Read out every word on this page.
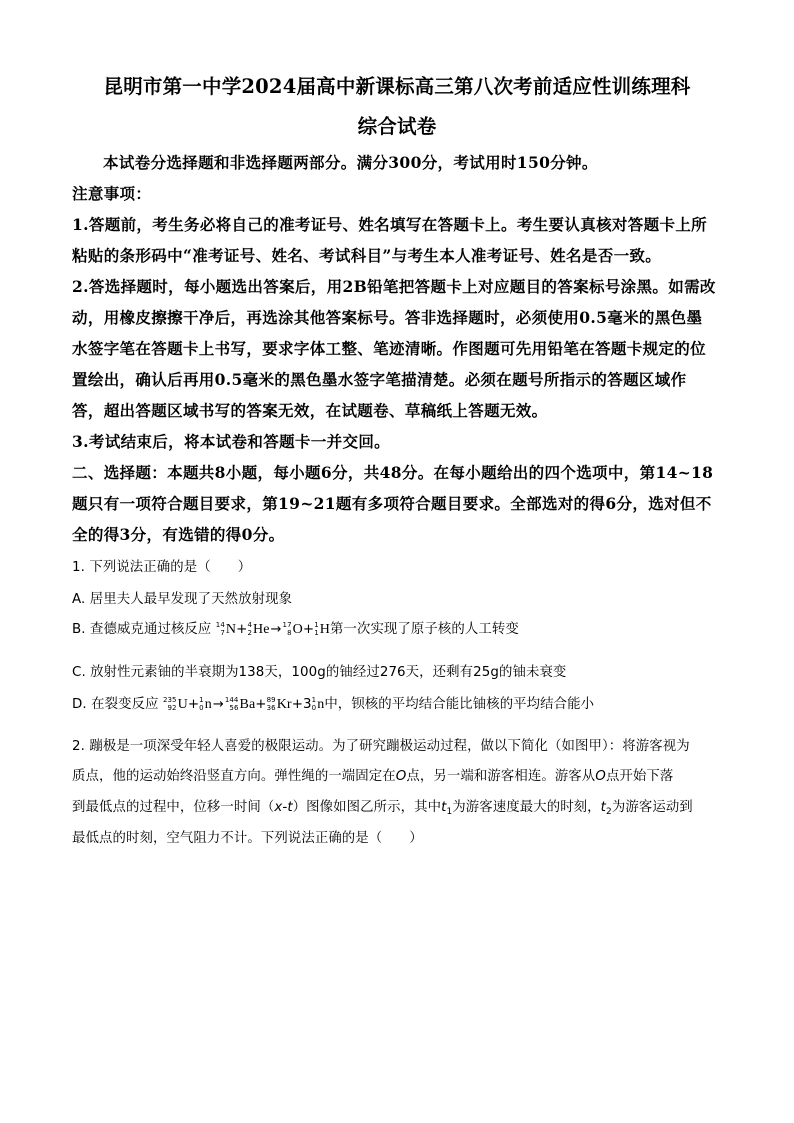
昆明市第一中学2024届高中新课标高三第八次考前适应性训练理科
综合试卷
本试卷分选择题和非选择题两部分。满分300分，考试用时150分钟。
注意事项：
1.答题前，考生务必将自己的准考证号、姓名填写在答题卡上。考生要认真核对答题卡上所
粘贴的条形码中“准考证号、姓名、考试科目”与考生本人准考证号、姓名是否一致。
2.答选择题时，每小题选出答案后，用2B铅笔把答题卡上对应题目的答案标号涂黑。如需改
动，用橡皮擦擦干净后，再选涂其他答案标号。答非选择题时，必须使用0.5毫米的黑色墨
水签字笔在答题卡上书写，要求字体工整、笔迹清晰。作图题可先用铅笔在答题卡规定的位
置绘出，确认后再用0.5毫米的黑色墨水签字笔描清楚。必须在题号所指示的答题区域作
答，超出答题区域书写的答案无效，在试题卷、草稿纸上答题无效。
3.考试结束后，将本试卷和答题卡一并交回。
二、选择题：本题共8小题，每小题6分，共48分。在每小题给出的四个选项中，第14~18
题只有一项符合题目要求，第19~21题有多项符合题目要求。全部选对的得6分，选对但不
全的得3分，有选错的得0分。
1. 下列说法正确的是（　　）
A. 居里夫人最早发现了天然放射现象
B. 查德威克通过核反应 14
7 N+ 4
2 He→ 17
8 O+ 1
1 H第一次实现了原子核的人工转变
C. 放射性元素铀的半衰期为138天，100g的铀经过276天，还剩有25g的铀未衰变
D. 在裂变反应 235
92 U+ 1
0 n→ 144
56 Ba+ 89
36 Kr+3 1
0 n中，钡核的平均结合能比铀核的平均结合能小
2. 蹦极是一项深受年轻人喜爱的极限运动。为了研究蹦极运动过程，做以下简化（如图甲）：将游客视为
质点，他的运动始终沿竖直方向。弹性绳的一端固定在O点，另一端和游客相连。游客从O点开始下落
到最低点的过程中，位移一时间（x-t）图像如图乙所示，其中$t_1$为游客速度最大的时刻，$t_2$为游客运动到
最低点的时刻，空气阻力不计。下列说法正确的是（　　）
